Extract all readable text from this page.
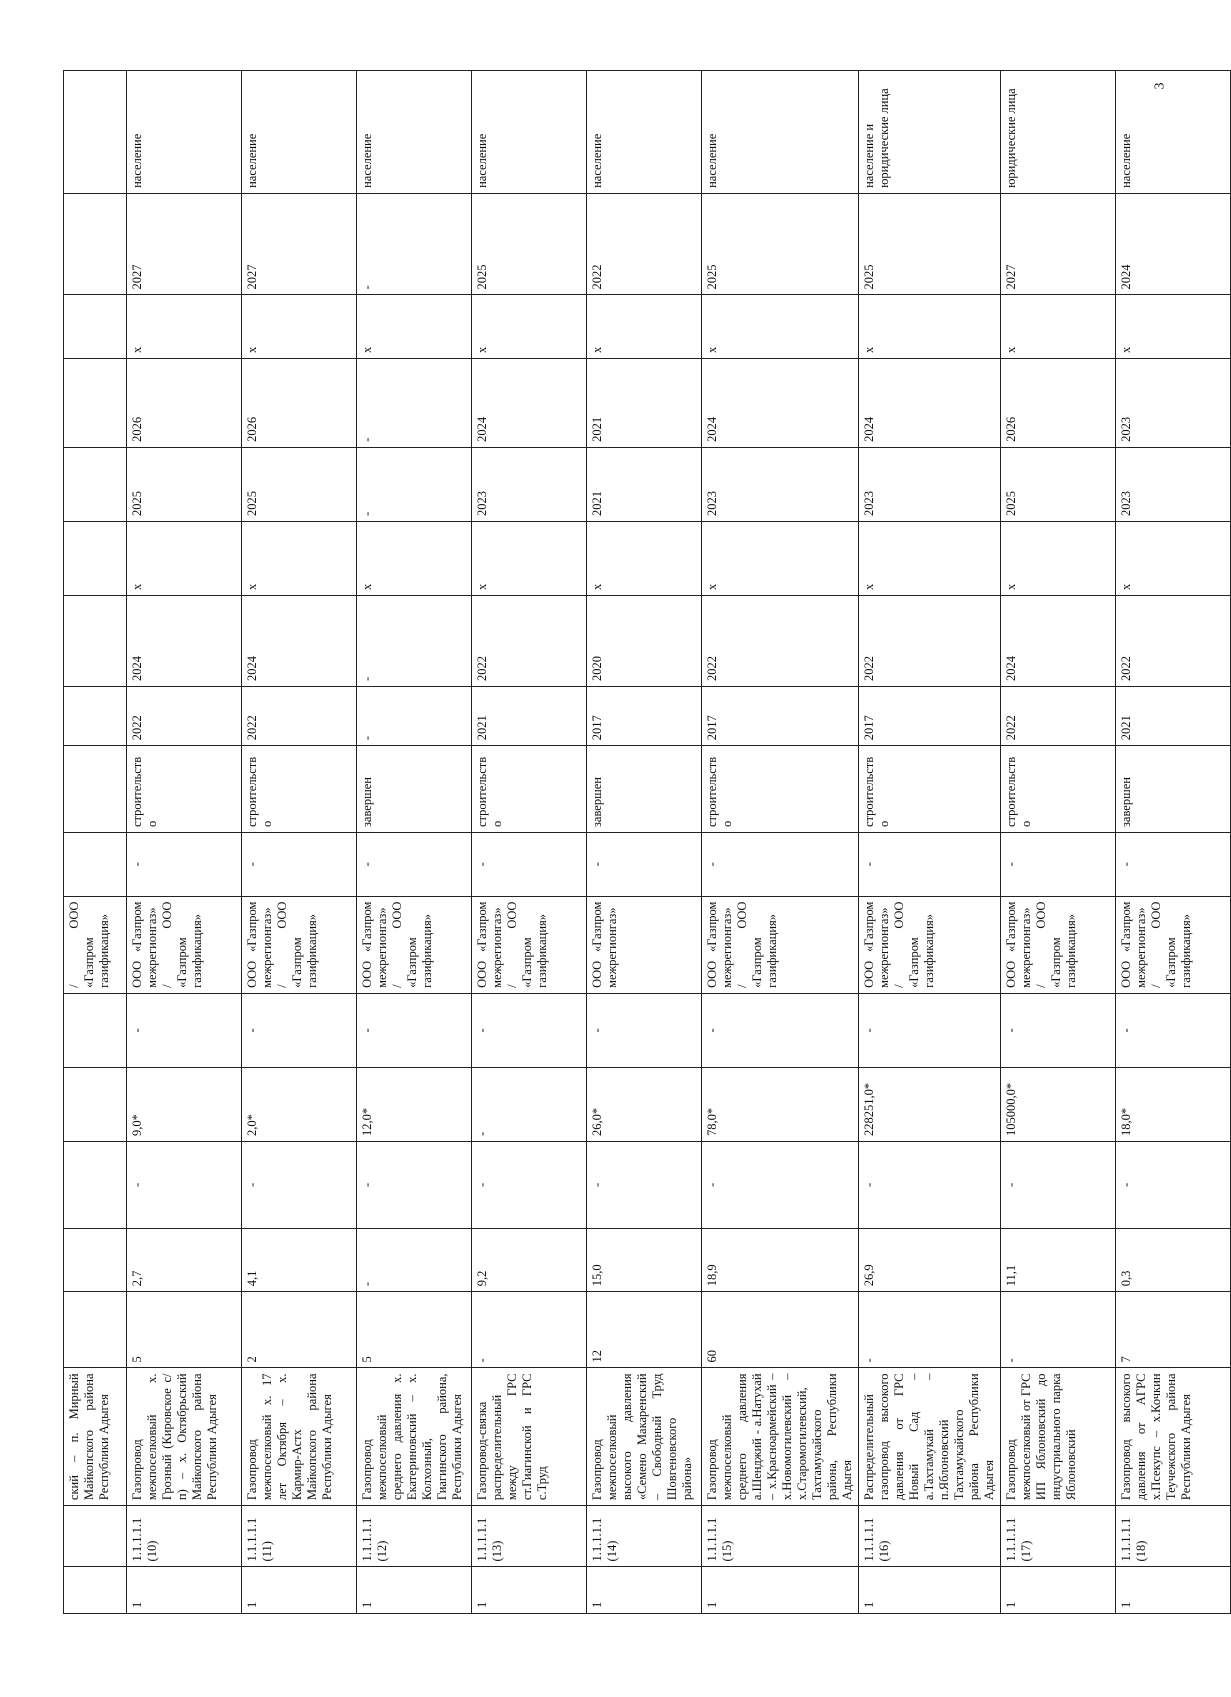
3
		ский – п. Мирный Майкопского района Республики Адыгея						/ ООО «Газпром газификация»										
1	1.1.1.1.1 (10)	Газопровод межпоселковый х. Грозный (Кировское с/п) – х. Октябрьский Майкопского района Республики Адыгея	5	2,7	-	9,0*	-	ООО «Газпром межрегионгаз» / ООО «Газпром газификация»	-	строительство	2022	2024	х	2025	2026	х	2027	население
1	1.1.1.1.1 (11)	Газопровод межпоселковый х. 17 лет Октября – х. Кармир-Астх Майкопского района Республики Адыгея	2	4,1	-	2,0*	-	ООО «Газпром межрегионгаз» / ООО «Газпром газификация»	-	строительство	2022	2024	х	2025	2026	х	2027	население
1	1.1.1.1.1 (12)	Газопровод межпоселковый среднего давления х. Екатериновский – х. Колхозный, Гиагинского района, Республики Адыгея	5	-	-	12,0*	-	ООО «Газпром межрегионгаз» / ООО «Газпром газификация»	-	завершен	-	-	х	-	-	х	-	население
1	1.1.1.1.1 (13)	Газопровод-связка распределительный между ГРС ст.Гиагинской и ГРС с.Труд	-	9,2	-	-	-	ООО «Газпром межрегионгаз» / ООО «Газпром газификация»	-	строительство	2021	2022	х	2023	2024	х	2025	население
1	1.1.1.1.1 (14)	Газопровод межпоселковый высокого давления «Семено Макаренский – Свободный Труд Шовгеновского района»	12	15,0	-	26,0*	-	ООО «Газпром межрегионгаз»	-	завершен	2017	2020	х	2021	2021	х	2022	население
1	1.1.1.1.1 (15)	Газопровод межпоселковый среднего давления а.Шенджий - а.Натухай – х.Красноармейский – х.Новомогилевский – х.Старомогилевский, Тахтамукайского района, Республики Адыгея	60	18,9	-	78,0*	-	ООО «Газпром межрегионгаз» / ООО «Газпром газификация»	-	строительство	2017	2022	х	2023	2024	х	2025	население
1	1.1.1.1.1 (16)	Распределительный газопровод высокого давления от ГРС Новый Сад – а.Тахтамукай – п.Яблоновский Тахтамукайского района Республики Адыгея	-	26,9	-	228251,0*	-	ООО «Газпром межрегионгаз» / ООО «Газпром газификация»	-	строительство	2017	2022	х	2023	2024	х	2025	население и юридические лица
1	1.1.1.1.1 (17)	Газопровод межпоселковый от ГРС ИП Яблоновский до индустриального парка Яблоновский	-	11,1	-	105000,0*	-	ООО «Газпром межрегионгаз» / ООО «Газпром газификация»	-	строительство	2022	2024	х	2025	2026	х	2027	юридические лица
1	1.1.1.1.1 (18)	Газопровод высокого давления от АГРС х.Псекупс – х.Кочкин Теучежского района Республики Адыгея	7	0,3	-	18,0*	-	ООО «Газпром межрегионгаз» / ООО «Газпром газификация»	-	завершен	2021	2022	х	2023	2023	х	2024	население
